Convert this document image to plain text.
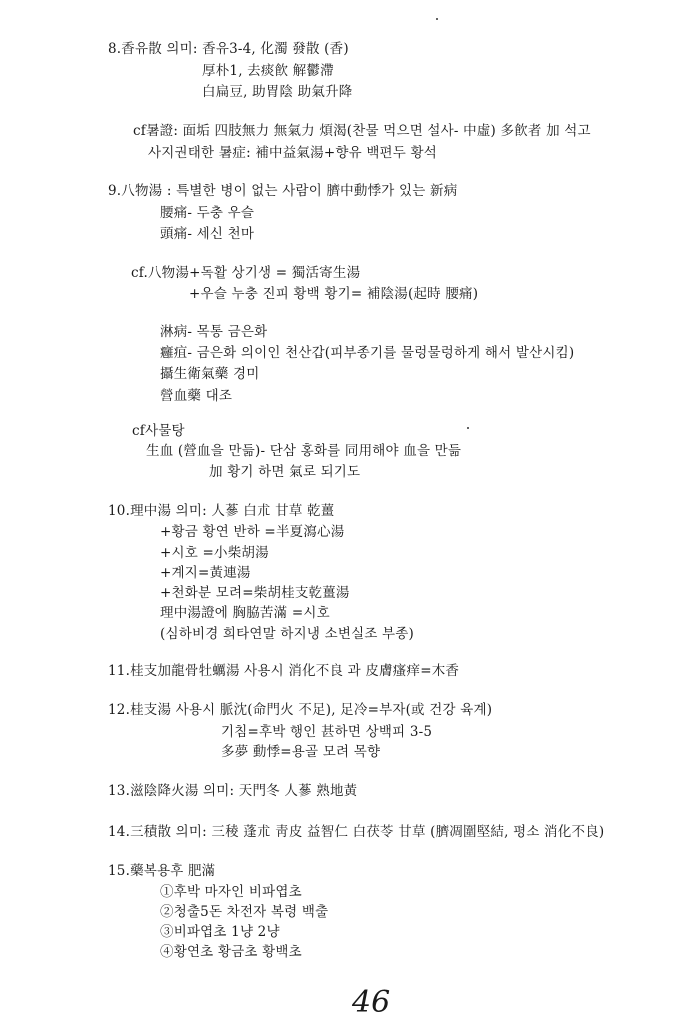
8.香유散 의미: 香유3-4, 化濁 發散 (香)
厚朴1, 去痰飮 解鬱滯
白扁豆, 助胃陰 助氣升降
cf暑證: 面垢 四肢無力 無氣力 煩渴(찬물 먹으면 설사- 中虛) 多飮者 加 석고
사지권태한 暑症: 補中益氣湯+향유 백편두 황석
9.八物湯 : 특별한 병이 없는 사람이 臍中動悸가 있는 新病
腰痛- 두충 우슬
頭痛- 세신 천마
cf.八物湯+독활 상기생 = 獨活寄生湯
+우슬 누충 진피 황백 황기= 補陰湯(起時 腰痛)
淋病- 목통 금은화
癰疽- 금은화 의이인 천산갑(피부종기를 물렁물렁하게 해서 발산시킴)
攝生衛氣藥 경미
營血藥 대조
cf사물탕
生血 (營血을 만듦)- 단삼 홍화를 同用해야 血을 만듦
加 황기 하면 氣로 되기도
10.理中湯 의미: 人蔘 白朮 甘草 乾薑
+황금 황연 반하 =半夏瀉心湯
+시호 =小柴胡湯
+계지=黃連湯
+천화분 모려=柴胡桂支乾薑湯
理中湯證에 胸脇苦滿 =시호
(심하비경 희타연말 하지냉 소변실조 부종)
11.桂支加龍骨牡蠣湯 사용시 消化不良 과 皮膚瘙痒=木香
12.桂支湯 사용시 脈沈(命門火 不足), 足冷=부자(或 건강 육계)
기침=후박 행인 甚하면 상백피 3-5
多夢 動悸=용골 모려 목향
13.滋陰降火湯 의미: 天門冬 人蔘 熟地黃
14.三積散 의미: 三稜 蓬朮 靑皮 益智仁 白茯苓 甘草 (臍凋圍堅結, 평소 消化不良)
15.藥복용후 肥滿
①후박 마자인 비파엽초
②청출5돈 차전자 복령 백출
③비파엽초 1냥 2냥
④황연초 황금초 황백초
46
